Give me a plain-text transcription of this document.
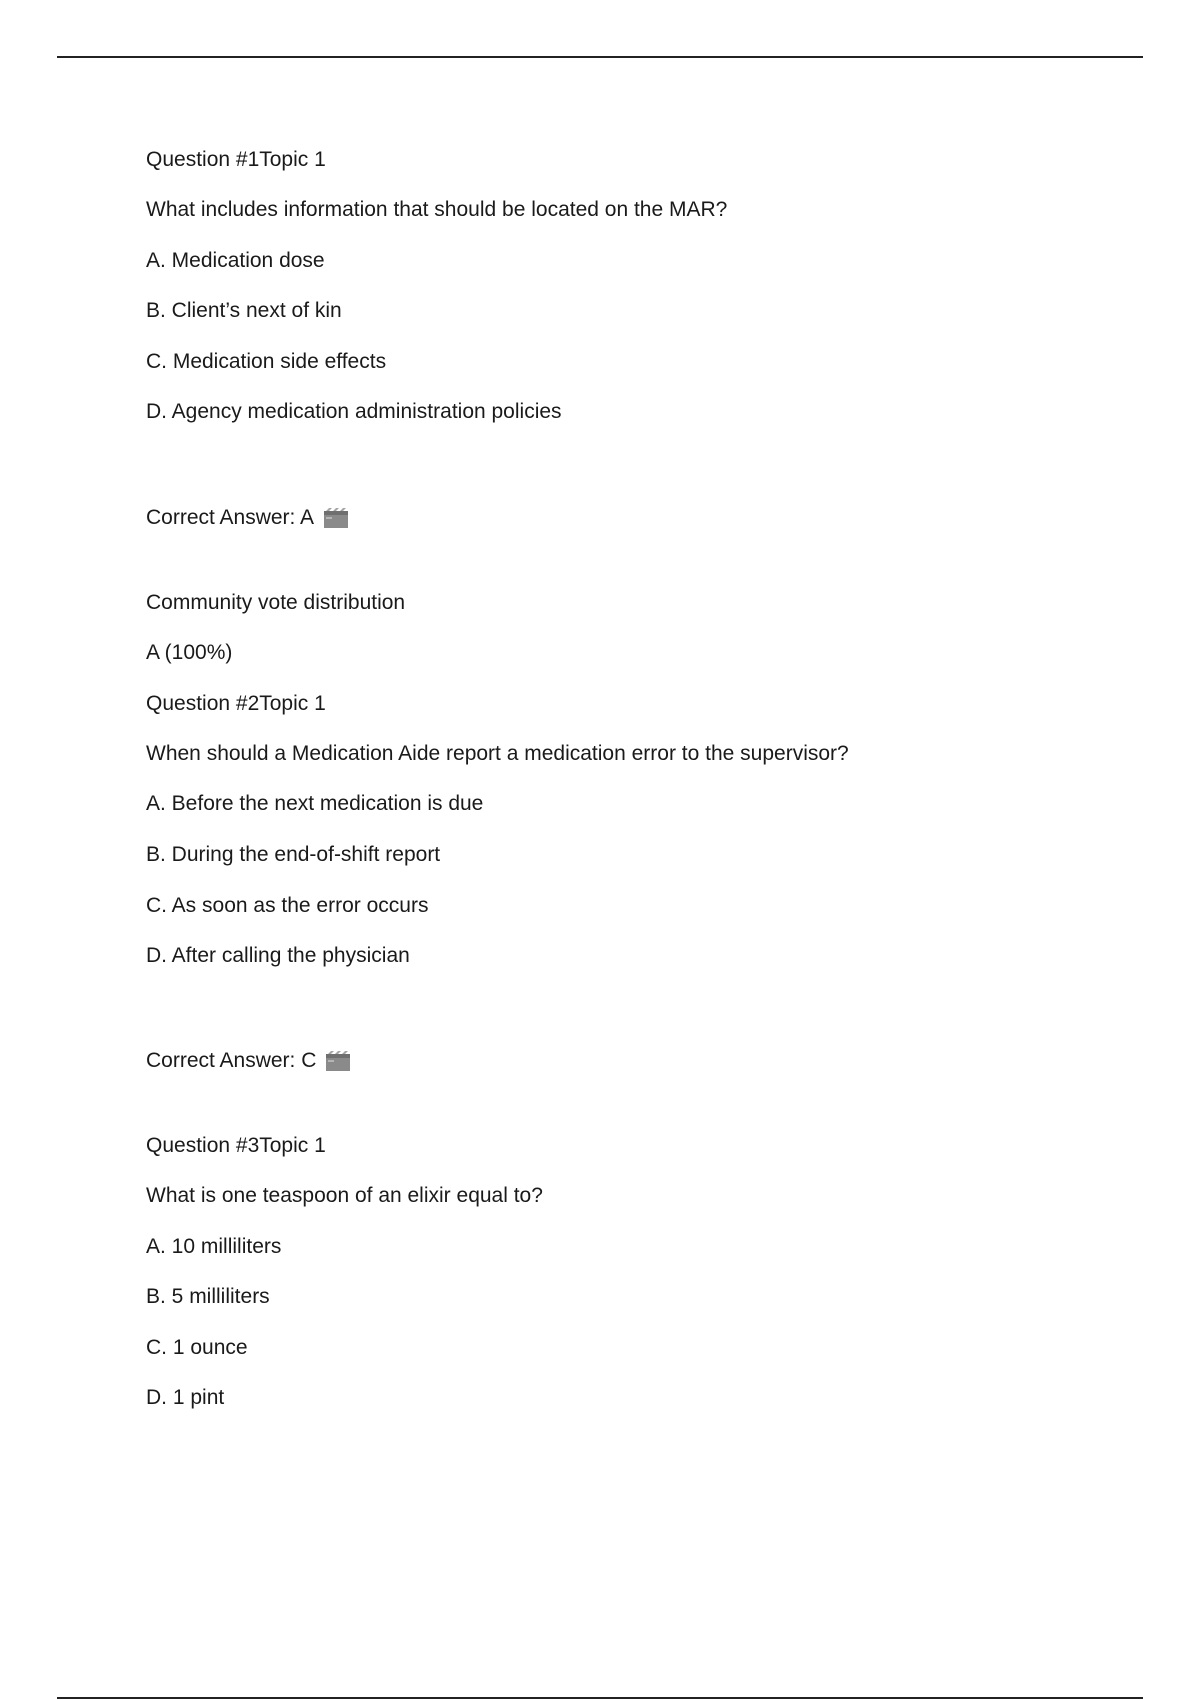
Question #1Topic 1
What includes information that should be located on the MAR?
A. Medication dose
B. Client’s next of kin
C. Medication side effects
D. Agency medication administration policies
Correct Answer: A
Community vote distribution
A (100%)
Question #2Topic 1
When should a Medication Aide report a medication error to the supervisor?
A. Before the next medication is due
B. During the end-of-shift report
C. As soon as the error occurs
D. After calling the physician
Correct Answer: C
Question #3Topic 1
What is one teaspoon of an elixir equal to?
A. 10 milliliters
B. 5 milliliters
C. 1 ounce
D. 1 pint
